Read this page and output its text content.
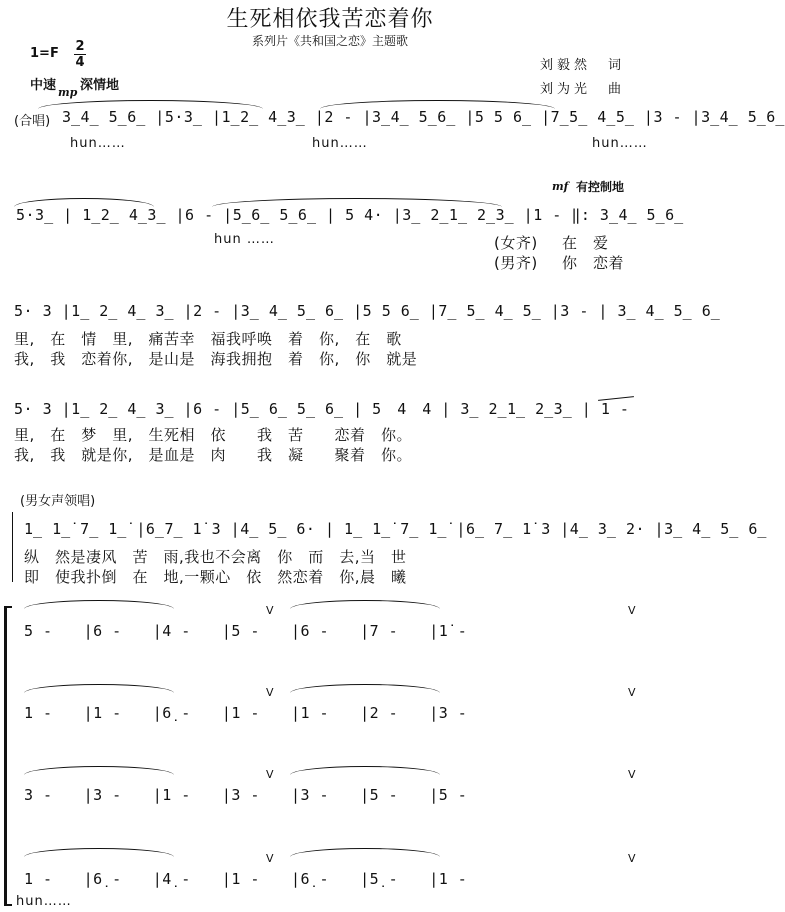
生死相依我苦恋着你
系列片《共和国之恋》主题歌
1=F 2
4
中速 mp 深情地
刘毅然　词
刘为光　曲
(合唱) 3̲4̲ 5̲6̲ |5·3̲ |1̲2̲ 4̲3̲ |2 - |3̲4̲ 5̲6̲ |5 5 6̲ |7̲5̲ 4̲5̲ |3 - |3̲4̲ 5̲6̲
hun……	hun……	hun……
mf 有控制地
5·3̲ | 1̲2̲ 4̲3̲ |6 - |5̲6̲ 5̲6̲ | 5 4· |3̲ 2̲1̲ 2̲3̲ |1 - ‖: 3̲4̲ 5̲6̲
hun ……	(女齐) 在　爱
(男齐) 你　恋着
5· 3 |1̲ 2̲ 4̲ 3̲ |2 - |3̲ 4̲ 5̲ 6̲ |5 5 6̲ |7̲ 5̲ 4̲ 5̲ |3 - | 3̲ 4̲ 5̲ 6̲
里,　在　情　里,　痛苦幸　福我呼唤　着　你,　在　歌
我,　我　恋着你,　是山是　海我拥抱　着　你,　你　就是
5· 3 |1̲ 2̲ 4̲ 3̲ |6 - |5̲ 6̲ 5̲ 6̲ | 5　4　4 | 3̲ 2̲1̲ 2̲3̲ | 1 -
里,　在　梦　里,　生死相　依　　我　苦　　恋着　你。
我,　我　就是你,　是血是　肉　　我　凝　　聚着　你。
(男女声领唱)
1̲ 1̲̇ 7̲ 1̲̇ |6̲7̲ 1̇ 3 |4̲ 5̲ 6· | 1̲ 1̲̇ 7̲ 1̲̇ |6̲ 7̲ 1̇ 3 |4̲ 3̲ 2· |3̲ 4̲ 5̲ 6̲
纵　然是凄风　苦　雨,我也不会离　你　而　去,当　世
即　使我扑倒　在　地,一颗心　依　然恋着　你,晨　曦
V	V
5 -　　|6 -　　|4 -　　|5 -　　|6 -　　|7 -　　|1̇ -
V	V
1 -　　|1 -　　|6̣ -　　|1 -　　|1 -　　|2 -　　|3 -
V	V
3 -　　|3 -　　|1 -　　|3 -　　|3 -　　|5 -　　|5 -
V	V
1 -　　|6̣ -　　|4̣ -　　|1 -　　|6̣ -　　|5̣ -　　|1 -
hun……
